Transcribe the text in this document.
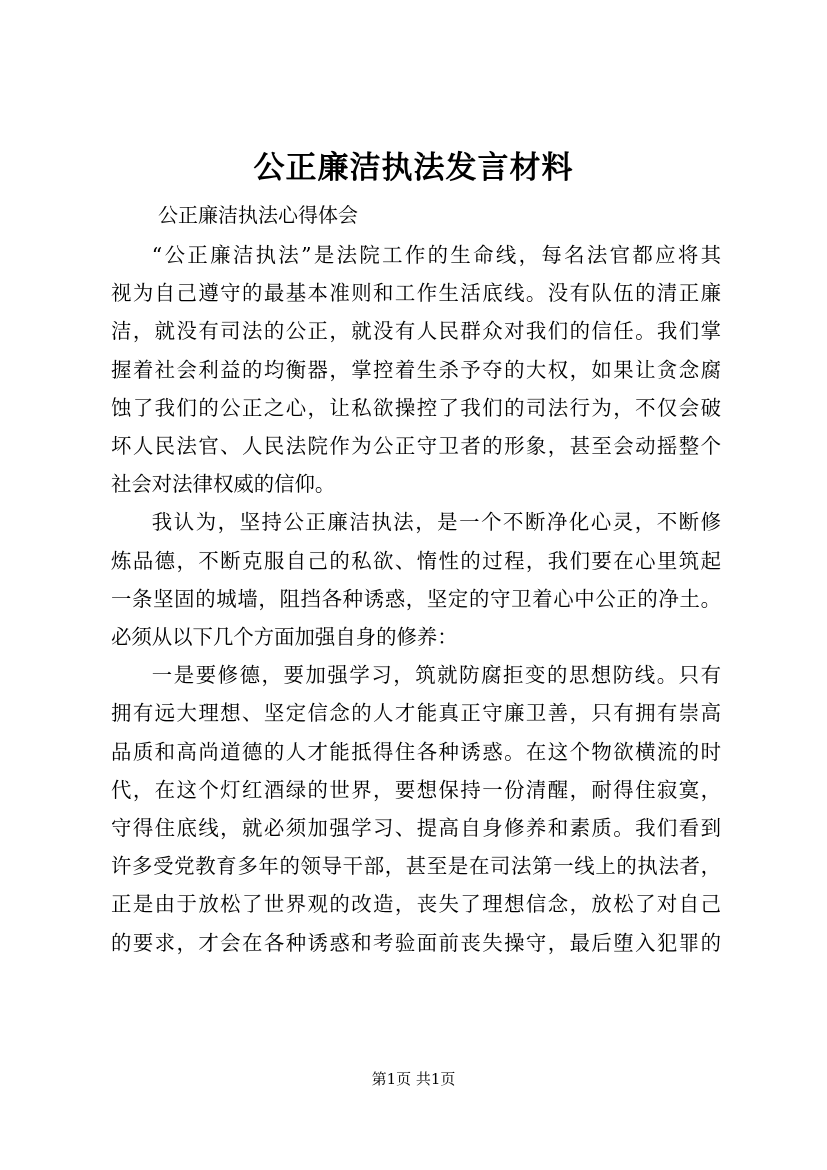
公正廉洁执法发言材料
公正廉洁执法心得体会
“公正廉洁执法”是法院工作的生命线，每名法官都应将其
视为自己遵守的最基本准则和工作生活底线。没有队伍的清正廉
洁，就没有司法的公正，就没有人民群众对我们的信任。我们掌
握着社会利益的均衡器，掌控着生杀予夺的大权，如果让贪念腐
蚀了我们的公正之心，让私欲操控了我们的司法行为，不仅会破
坏人民法官、人民法院作为公正守卫者的形象，甚至会动摇整个
社会对法律权威的信仰。
我认为，坚持公正廉洁执法，是一个不断净化心灵，不断修
炼品德，不断克服自己的私欲、惰性的过程，我们要在心里筑起
一条坚固的城墙，阻挡各种诱惑，坚定的守卫着心中公正的净土。
必须从以下几个方面加强自身的修养：
一是要修德，要加强学习，筑就防腐拒变的思想防线。只有
拥有远大理想、坚定信念的人才能真正守廉卫善，只有拥有崇高
品质和高尚道德的人才能抵得住各种诱惑。在这个物欲横流的时
代，在这个灯红酒绿的世界，要想保持一份清醒，耐得住寂寞，
守得住底线，就必须加强学习、提高自身修养和素质。我们看到
许多受党教育多年的领导干部，甚至是在司法第一线上的执法者，
正是由于放松了世界观的改造，丧失了理想信念，放松了对自己
的要求，才会在各种诱惑和考验面前丧失操守，最后堕入犯罪的
第1页 共1页
